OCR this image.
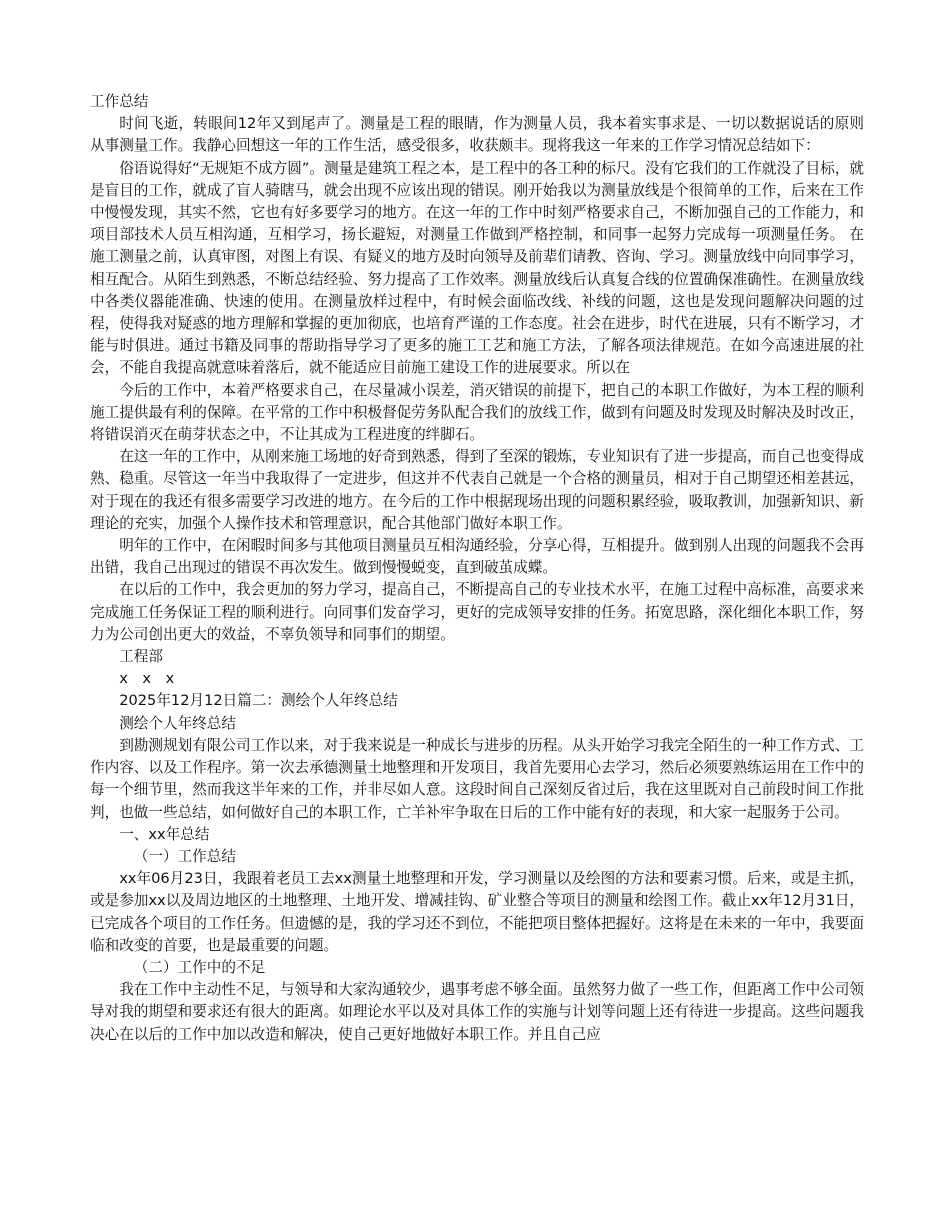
工作总结

时间飞逝，转眼间12年又到尾声了。测量是工程的眼睛，作为测量人员，我本着实事求是、一切以数据说话的原则从事测量工作。我静心回想这一年的工作生活，感受很多，收获颇丰。现将我这一年来的工作学习情况总结如下：

俗语说得好“无规矩不成方圆”。测量是建筑工程之本，是工程中的各工种的标尺。没有它我们的工作就没了目标，就是盲目的工作，就成了盲人骑瞎马，就会出现不应该出现的错误。刚开始我以为测量放线是个很简单的工作，后来在工作中慢慢发现，其实不然，它也有好多要学习的地方。在这一年的工作中时刻严格要求自己，不断加强自己的工作能力，和项目部技术人员互相沟通，互相学习，扬长避短，对测量工作做到严格控制，和同事一起努力完成每一项测量任务。 在施工测量之前，认真审图，对图上有误、有疑义的地方及时向领导及前辈们请教、咨询、学习。测量放线中向同事学习，相互配合。从陌生到熟悉，不断总结经验、努力提高了工作效率。测量放线后认真复合线的位置确保准确性。在测量放线中各类仪器能准确、快速的使用。在测量放样过程中，有时候会面临改线、补线的问题，这也是发现问题解决问题的过程，使得我对疑惑的地方理解和掌握的更加彻底，也培育严谨的工作态度。社会在进步，时代在进展，只有不断学习，才能与时俱进。通过书籍及同事的帮助指导学习了更多的施工工艺和施工方法，了解各项法律规范。在如今高速进展的社会，不能自我提高就意味着落后，就不能适应目前施工建设工作的进展要求。所以在

今后的工作中，本着严格要求自己，在尽量减小误差，消灭错误的前提下，把自己的本职工作做好，为本工程的顺利施工提供最有利的保障。在平常的工作中积极督促劳务队配合我们的放线工作，做到有问题及时发现及时解决及时改正，将错误消灭在萌芽状态之中，不让其成为工程进度的绊脚石。

在这一年的工作中，从刚来施工场地的好奇到熟悉，得到了至深的锻炼，专业知识有了进一步提高，而自己也变得成熟、稳重。尽管这一年当中我取得了一定进步，但这并不代表自己就是一个合格的测量员，相对于自己期望还相差甚远，对于现在的我还有很多需要学习改进的地方。在今后的工作中根据现场出现的问题积累经验，吸取教训，加强新知识、新理论的充实，加强个人操作技术和管理意识，配合其他部门做好本职工作。

明年的工作中，在闲暇时间多与其他项目测量员互相沟通经验，分享心得，互相提升。做到别人出现的问题我不会再出错，我自己出现过的错误不再次发生。做到慢慢蜕变，直到破茧成蝶。

在以后的工作中，我会更加的努力学习，提高自己，不断提高自己的专业技术水平，在施工过程中高标准，高要求来完成施工任务保证工程的顺利进行。向同事们发奋学习，更好的完成领导安排的任务。拓宽思路，深化细化本职工作，努力为公司创出更大的效益，不辜负领导和同事们的期望。

工程部

x　x　x

2025年12月12日篇二：测绘个人年终总结

测绘个人年终总结

到勘测规划有限公司工作以来，对于我来说是一种成长与进步的历程。从头开始学习我完全陌生的一种工作方式、工作内容、以及工作程序。第一次去承德测量土地整理和开发项目，我首先要用心去学习，然后必须要熟练运用在工作中的每一个细节里，然而我这半年来的工作，并非尽如人意。这段时间自己深刻反省过后，我在这里既对自己前段时间工作批判，也做一些总结，如何做好自己的本职工作，亡羊补牢争取在日后的工作中能有好的表现，和大家一起服务于公司。

一、xx年总结

（一）工作总结

xx年06月23日，我跟着老员工去xx测量土地整理和开发，学习测量以及绘图的方法和要素习惯。后来，或是主抓，或是参加xx以及周边地区的土地整理、土地开发、增减挂钩、矿业整合等项目的测量和绘图工作。截止xx年12月31日，已完成各个项目的工作任务。但遗憾的是，我的学习还不到位，不能把项目整体把握好。这将是在未来的一年中，我要面临和改变的首要，也是最重要的问题。

（二）工作中的不足

我在工作中主动性不足，与领导和大家沟通较少，遇事考虑不够全面。虽然努力做了一些工作，但距离工作中公司领导对我的期望和要求还有很大的距离。如理论水平以及对具体工作的实施与计划等问题上还有待进一步提高。这些问题我决心在以后的工作中加以改造和解决，使自己更好地做好本职工作。并且自己应
